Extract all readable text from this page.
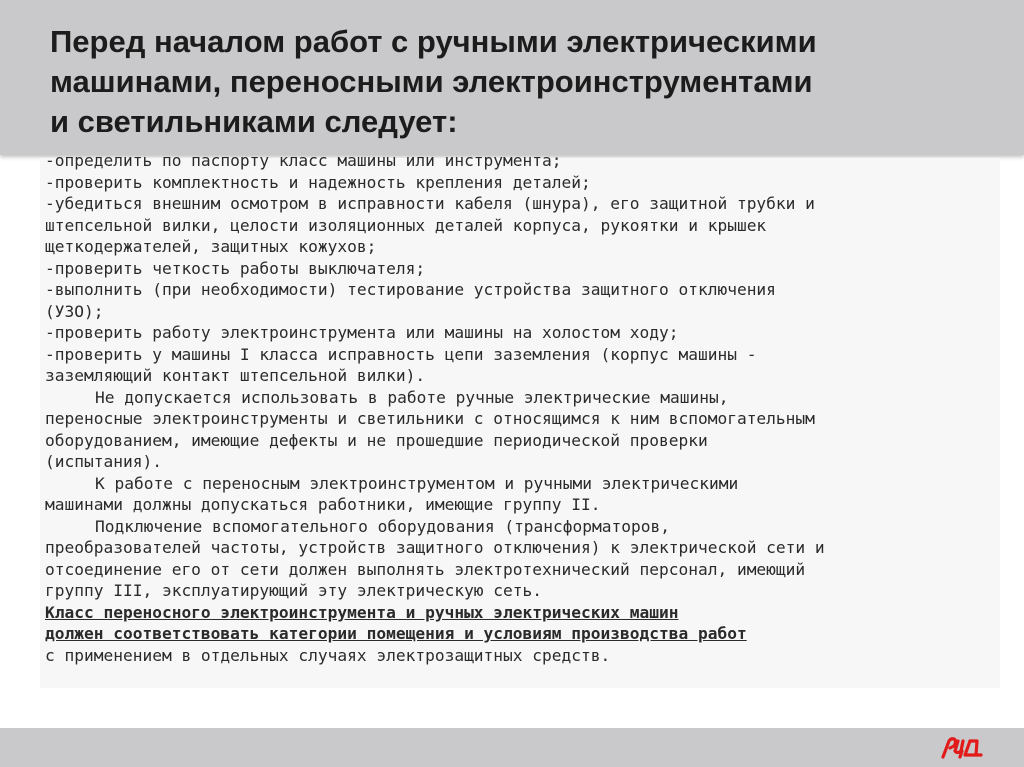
Перед началом работ с ручными электрическими
машинами, переносными электроинструментами
и светильниками следует:
-определить по паспорту класс машины или инструмента;
-проверить комплектность и надежность крепления деталей;
-убедиться внешним осмотром в исправности кабеля (шнура), его защитной трубки и
штепсельной вилки, целости изоляционных деталей корпуса, рукоятки и крышек
щеткодержателей, защитных кожухов;
-проверить четкость работы выключателя;
-выполнить (при необходимости) тестирование устройства защитного отключения
(УЗО);
-проверить работу электроинструмента или машины на холостом ходу;
-проверить у машины I класса исправность цепи заземления (корпус машины -
заземляющий контакт штепсельной вилки).
Не допускается использовать в работе ручные электрические машины,
переносные электроинструменты и светильники с относящимся к ним вспомогательным
оборудованием, имеющие дефекты и не прошедшие периодической проверки
(испытания).
К работе с переносным электроинструментом и ручными электрическими
машинами должны допускаться работники, имеющие группу II.
Подключение вспомогательного оборудования (трансформаторов,
преобразователей частоты, устройств защитного отключения) к электрической сети и
отсоединение его от сети должен выполнять электротехнический персонал, имеющий
группу III, эксплуатирующий эту электрическую сеть.
Класс переносного электроинструмента и ручных электрических машин
должен соответствовать категории помещения и условиям производства работ
с применением в отдельных случаях электрозащитных средств.
